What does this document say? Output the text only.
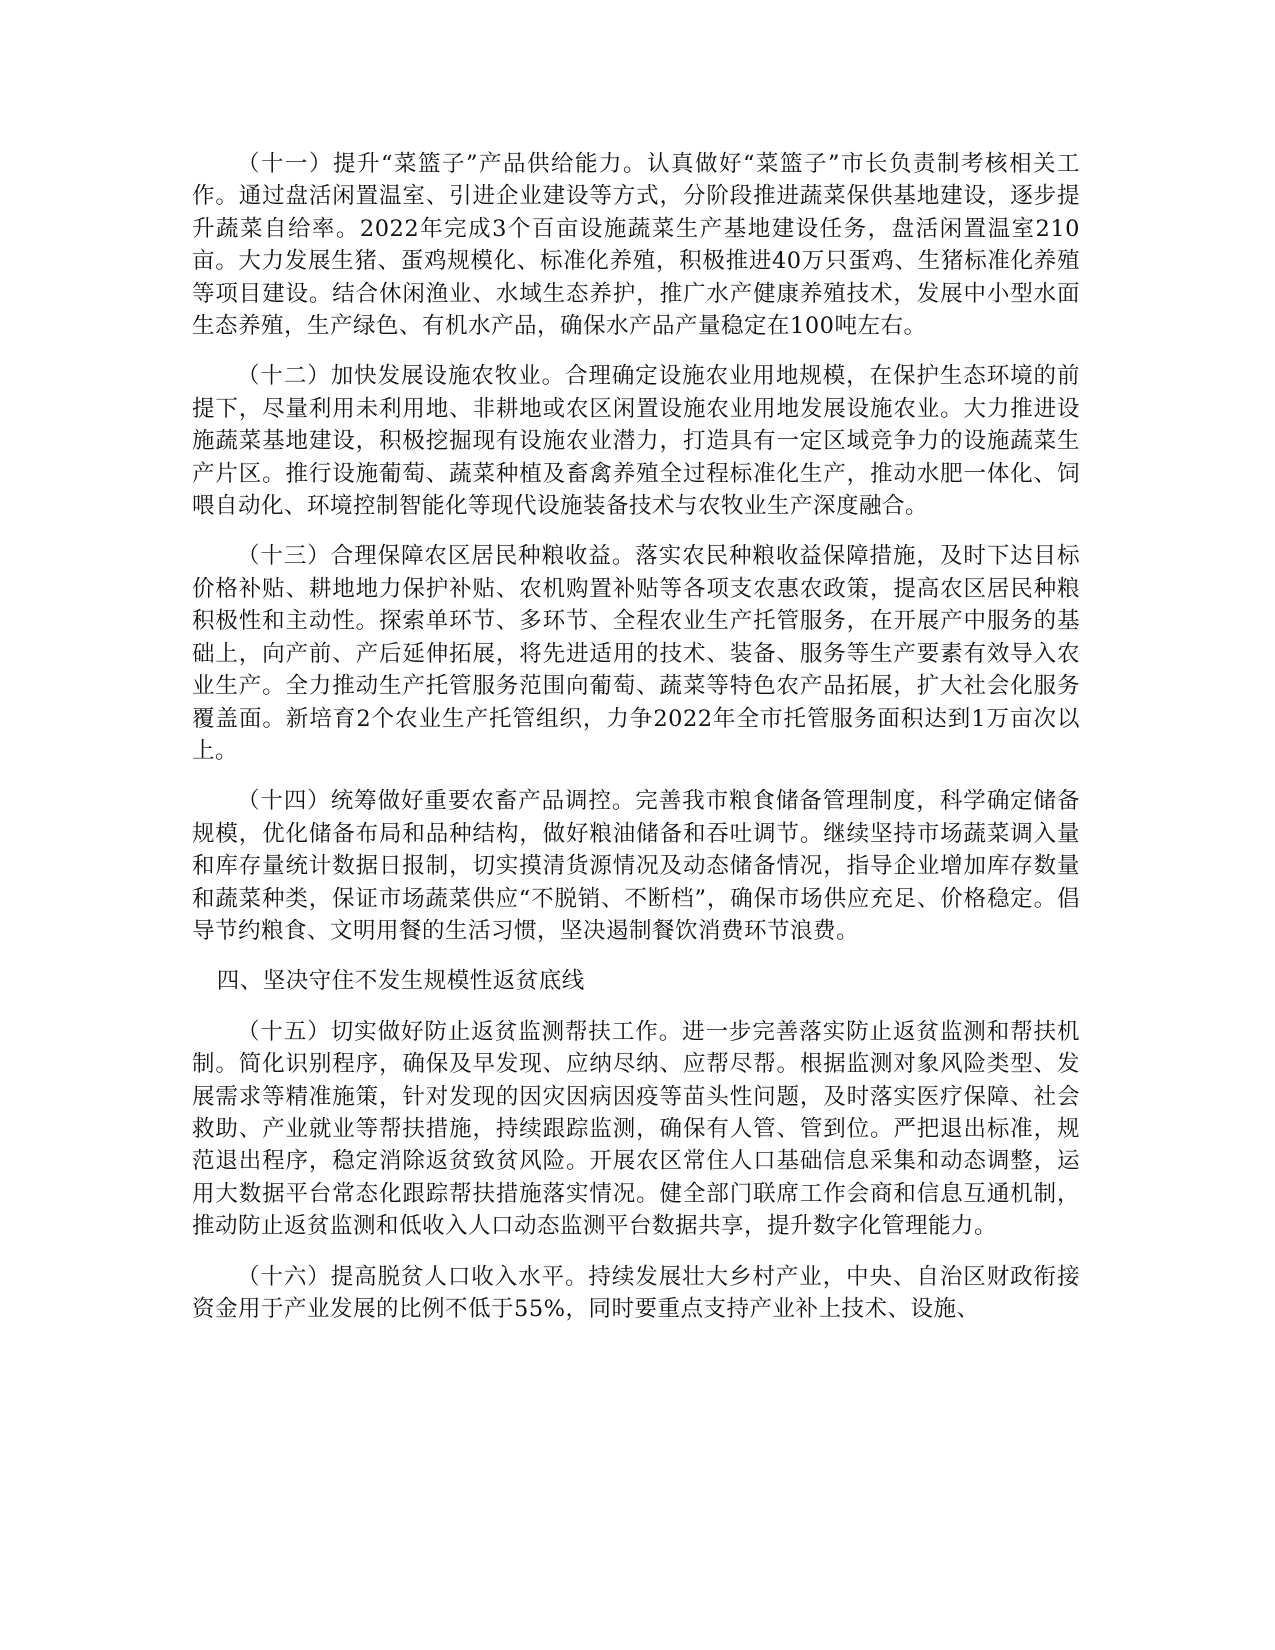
（十一）提升“菜篮子”产品供给能力。认真做好“菜篮子”市长负责制考核相关工作。通过盘活闲置温室、引进企业建设等方式，分阶段推进蔬菜保供基地建设，逐步提升蔬菜自给率。2022年完成3个百亩设施蔬菜生产基地建设任务，盘活闲置温室210亩。大力发展生猪、蛋鸡规模化、标准化养殖，积极推进40万只蛋鸡、生猪标准化养殖等项目建设。结合休闲渔业、水域生态养护，推广水产健康养殖技术，发展中小型水面生态养殖，生产绿色、有机水产品，确保水产品产量稳定在100吨左右。

（十二）加快发展设施农牧业。合理确定设施农业用地规模，在保护生态环境的前提下，尽量利用未利用地、非耕地或农区闲置设施农业用地发展设施农业。大力推进设施蔬菜基地建设，积极挖掘现有设施农业潜力，打造具有一定区域竞争力的设施蔬菜生产片区。推行设施葡萄、蔬菜种植及畜禽养殖全过程标准化生产，推动水肥一体化、饲喂自动化、环境控制智能化等现代设施装备技术与农牧业生产深度融合。

（十三）合理保障农区居民种粮收益。落实农民种粮收益保障措施，及时下达目标价格补贴、耕地地力保护补贴、农机购置补贴等各项支农惠农政策，提高农区居民种粮积极性和主动性。探索单环节、多环节、全程农业生产托管服务，在开展产中服务的基础上，向产前、产后延伸拓展，将先进适用的技术、装备、服务等生产要素有效导入农业生产。全力推动生产托管服务范围向葡萄、蔬菜等特色农产品拓展，扩大社会化服务覆盖面。新培育2个农业生产托管组织，力争2022年全市托管服务面积达到1万亩次以上。

（十四）统筹做好重要农畜产品调控。完善我市粮食储备管理制度，科学确定储备规模，优化储备布局和品种结构，做好粮油储备和吞吐调节。继续坚持市场蔬菜调入量和库存量统计数据日报制，切实摸清货源情况及动态储备情况，指导企业增加库存数量和蔬菜种类，保证市场蔬菜供应“不脱销、不断档”，确保市场供应充足、价格稳定。倡导节约粮食、文明用餐的生活习惯，坚决遏制餐饮消费环节浪费。

四、坚决守住不发生规模性返贫底线

（十五）切实做好防止返贫监测帮扶工作。进一步完善落实防止返贫监测和帮扶机制。简化识别程序，确保及早发现、应纳尽纳、应帮尽帮。根据监测对象风险类型、发展需求等精准施策，针对发现的因灾因病因疫等苗头性问题，及时落实医疗保障、社会救助、产业就业等帮扶措施，持续跟踪监测，确保有人管、管到位。严把退出标准，规范退出程序，稳定消除返贫致贫风险。开展农区常住人口基础信息采集和动态调整，运用大数据平台常态化跟踪帮扶措施落实情况。健全部门联席工作会商和信息互通机制，推动防止返贫监测和低收入人口动态监测平台数据共享，提升数字化管理能力。

（十六）提高脱贫人口收入水平。持续发展壮大乡村产业，中央、自治区财政衔接资金用于产业发展的比例不低于55%，同时要重点支持产业补上技术、设施、
